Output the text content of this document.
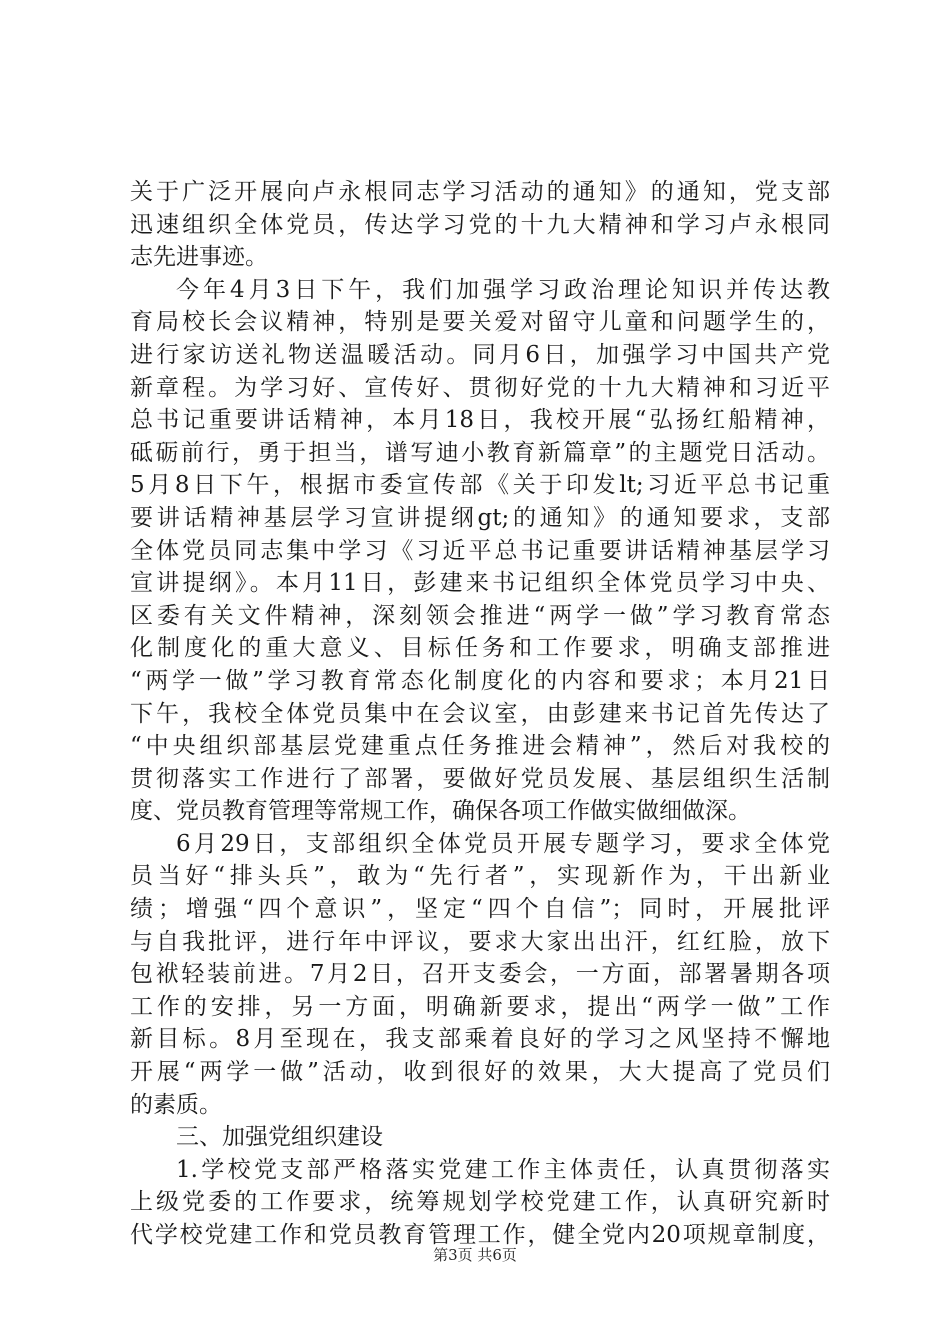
关于广泛开展向卢永根同志学习活动的通知》的通知，党支部
迅速组织全体党员，传达学习党的十九大精神和学习卢永根同
志先进事迹。
今年4月3日下午，我们加强学习政治理论知识并传达教
育局校长会议精神，特别是要关爱对留守儿童和问题学生的，
进行家访送礼物送温暖活动。同月6日，加强学习中国共产党
新章程。为学习好、宣传好、贯彻好党的十九大精神和习近平
总书记重要讲话精神，本月18日，我校开展“弘扬红船精神，
砥砺前行，勇于担当，谱写迪小教育新篇章”的主题党日活动。
5月8日下午，根据市委宣传部《关于印发lt;习近平总书记重
要讲话精神基层学习宣讲提纲gt;的通知》的通知要求，支部
全体党员同志集中学习《习近平总书记重要讲话精神基层学习
宣讲提纲》。本月11日，彭建来书记组织全体党员学习中央、
区委有关文件精神，深刻领会推进“两学一做”学习教育常态
化制度化的重大意义、目标任务和工作要求，明确支部推进
“两学一做”学习教育常态化制度化的内容和要求；本月21日
下午，我校全体党员集中在会议室，由彭建来书记首先传达了
“中央组织部基层党建重点任务推进会精神”，然后对我校的
贯彻落实工作进行了部署，要做好党员发展、基层组织生活制
度、党员教育管理等常规工作，确保各项工作做实做细做深。
6月29日，支部组织全体党员开展专题学习，要求全体党
员当好“排头兵”，敢为“先行者”，实现新作为，干出新业
绩；增强“四个意识”，坚定“四个自信”；同时，开展批评
与自我批评，进行年中评议，要求大家出出汗，红红脸，放下
包袱轻装前进。7月2日，召开支委会，一方面，部署暑期各项
工作的安排，另一方面，明确新要求，提出“两学一做”工作
新目标。8月至现在，我支部乘着良好的学习之风坚持不懈地
开展“两学一做”活动，收到很好的效果，大大提高了党员们
的素质。
三、加强党组织建设
1.学校党支部严格落实党建工作主体责任，认真贯彻落实
上级党委的工作要求，统筹规划学校党建工作，认真研究新时
代学校党建工作和党员教育管理工作，健全党内20项规章制度，
第3页 共6页
